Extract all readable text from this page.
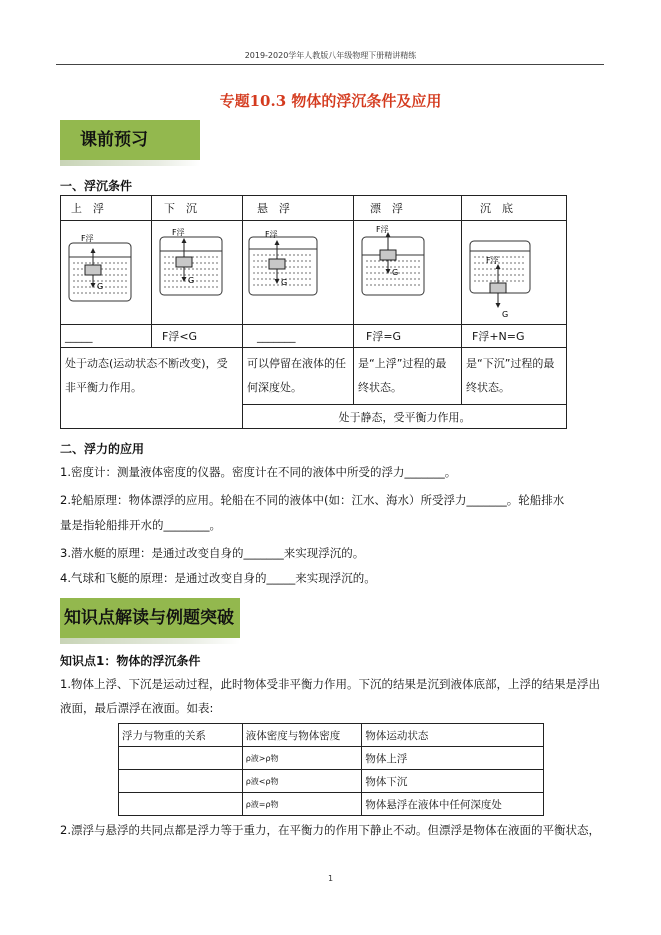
2019-2020学年人教版八年级物理下册精讲精练
专题10.3 物体的浮沉条件及应用
课前预习
一、浮沉条件
上　浮	下　沉	悬　浮	漂　浮	沉　底

F浮
G	F浮
G	F浮
G	F浮
G	F浮
G

_____	F浮<G	_______	F浮=G	F浮+N=G
处于动态(运动状态不断改变)，受非平衡力作用。		可以停留在液体的任何深度处。	是“上浮”过程的最终状态。	是“下沉”过程的最终状态。
		处于静态，受平衡力作用。		
二、浮力的应用
1.密度计：测量液体密度的仪器。密度计在不同的液体中所受的浮力_______。
2.轮船原理：物体漂浮的应用。轮船在不同的液体中(如：江水、海水）所受浮力_______。轮船排水
量是指轮船排开水的________。
3.潜水艇的原理：是通过改变自身的_______来实现浮沉的。
4.气球和飞艇的原理：是通过改变自身的_____来实现浮沉的。
知识点解读与例题突破
知识点1：物体的浮沉条件
1.物体上浮、下沉是运动过程，此时物体受非平衡力作用。下沉的结果是沉到液体底部，上浮的结果是浮出
液面，最后漂浮在液面。如表:
浮力与物重的关系	液体密度与物体密度	物体运动状态
	ρ液>ρ物	物体上浮
	ρ液<ρ物	物体下沉
	ρ液=ρ物	物体悬浮在液体中任何深度处
2.漂浮与悬浮的共同点都是浮力等于重力，在平衡力的作用下静止不动。但漂浮是物体在液面的平衡状态，
1
